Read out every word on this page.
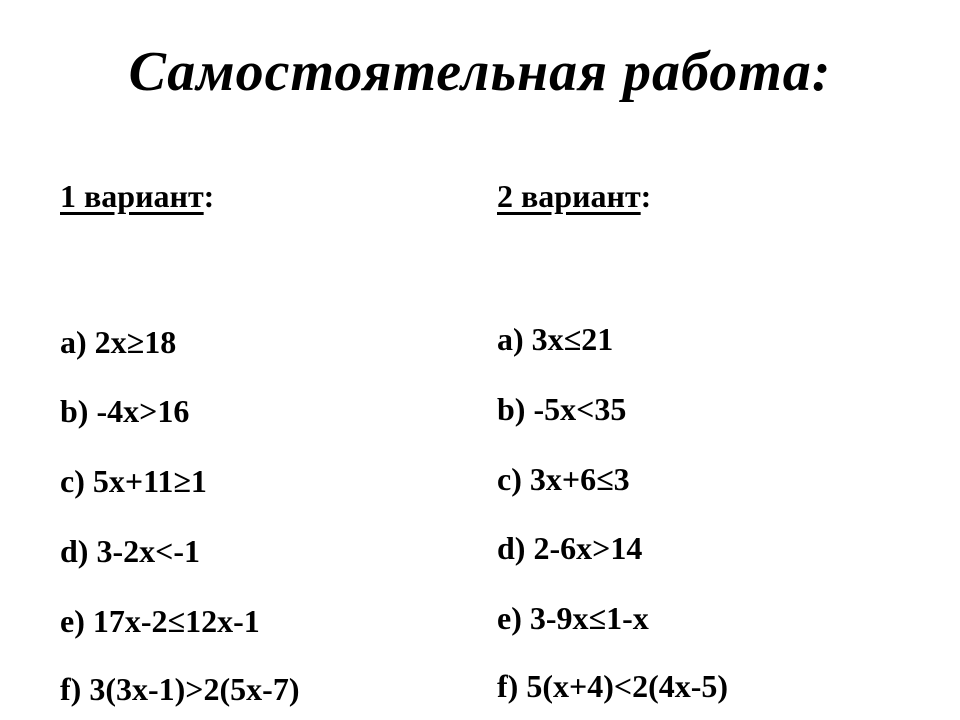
Самостоятельная работа:
1 вариант:
a) 2x≥18
b) -4x>16
c) 5x+11≥1
d) 3-2x<-1
e) 17x-2≤12x-1
f) 3(3x-1)>2(5x-7)
2 вариант:
a) 3x≤21
b) -5x<35
c) 3x+6≤3
d) 2-6x>14
e) 3-9x≤1-x
f) 5(x+4)<2(4x-5)
